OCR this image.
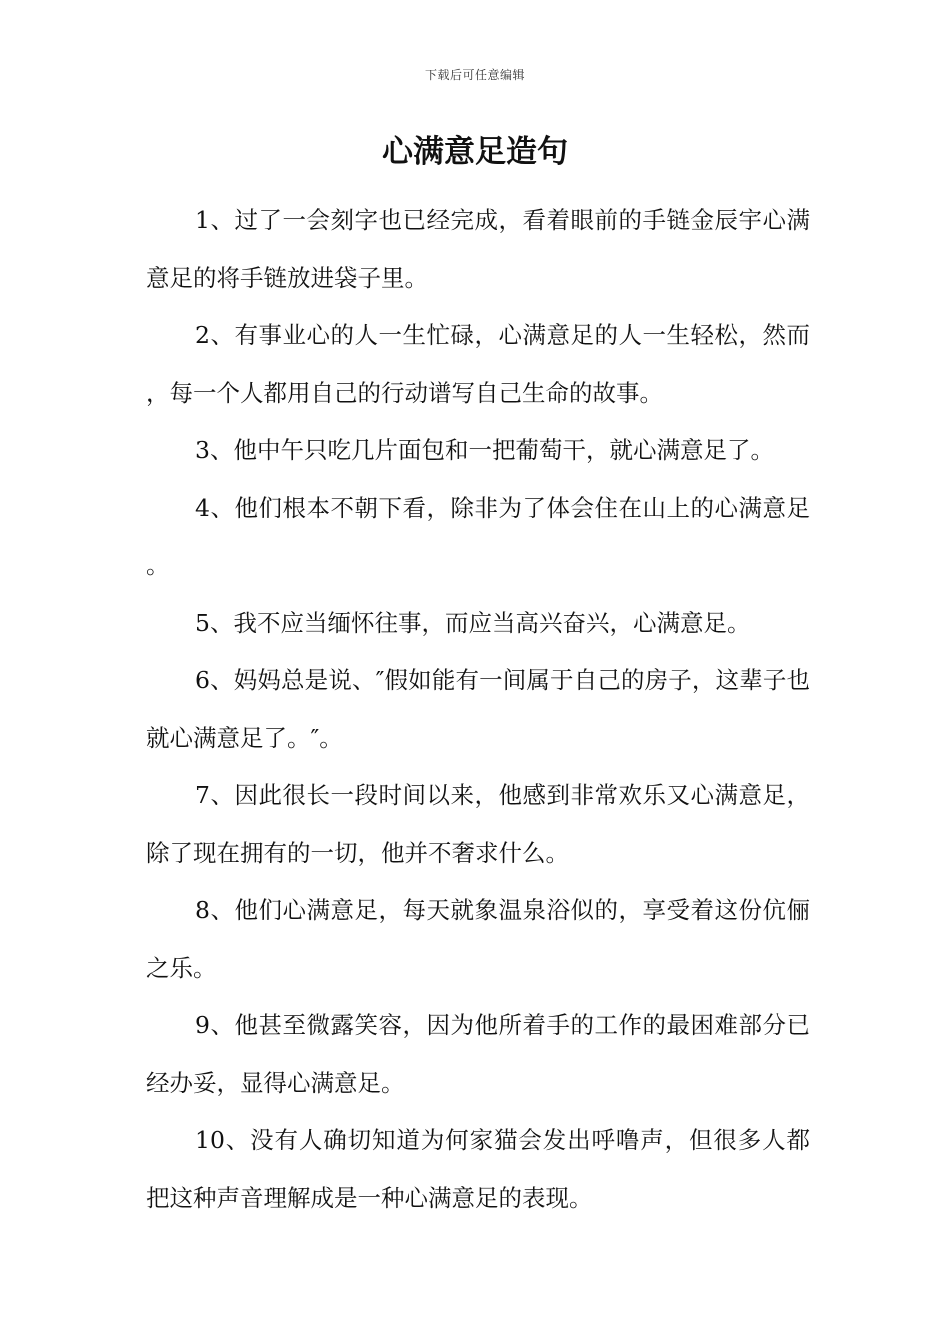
下载后可任意编辑
心满意足造句

1、过了一会刻字也已经完成，看着眼前的手链金辰宇心满意足的将手链放进袋子里。

2、有事业心的人一生忙碌，心满意足的人一生轻松，然而，每一个人都用自己的行动谱写自己生命的故事。

3、他中午只吃几片面包和一把葡萄干，就心满意足了。

4、他们根本不朝下看，除非为了体会住在山上的心满意足。

5、我不应当缅怀往事，而应当高兴奋兴，心满意足。

6、妈妈总是说、″假如能有一间属于自己的房子，这辈子也就心满意足了。″。

7、因此很长一段时间以来，他感到非常欢乐又心满意足，除了现在拥有的一切，他并不奢求什么。

8、他们心满意足，每天就象温泉浴似的，享受着这份伉俪之乐。

9、他甚至微露笑容，因为他所着手的工作的最困难部分已经办妥，显得心满意足。

10、没有人确切知道为何家猫会发出呼噜声，但很多人都把这种声音理解成是一种心满意足的表现。
